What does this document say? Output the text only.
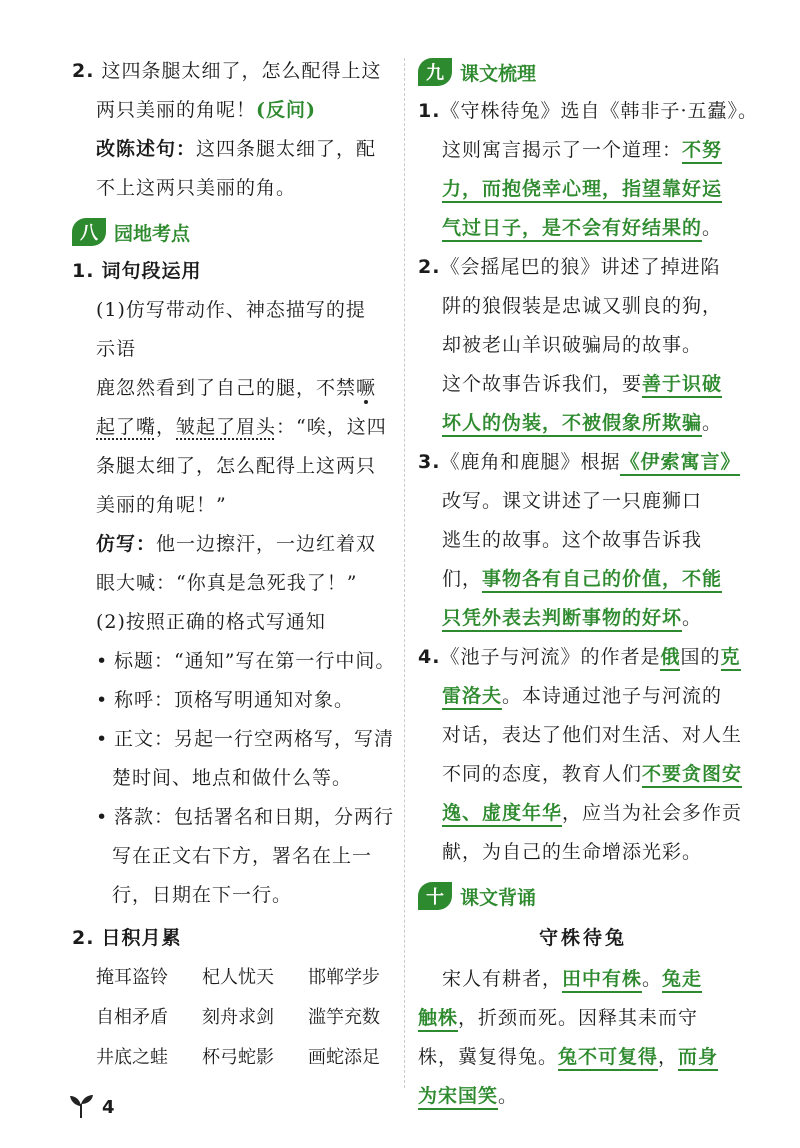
2. 这四条腿太细了，怎么配得上这
两只美丽的角呢！(反问)
改陈述句：这四条腿太细了，配
不上这两只美丽的角。
八 园地考点
1. 词句段运用
(1)仿写带动作、神态描写的提
示语
鹿忽然看到了自己的腿，不禁噘
起了嘴，皱起了眉头：“唉，这四
条腿太细了，怎么配得上这两只
美丽的角呢！”
仿写：他一边擦汗，一边红着双
眼大喊：“你真是急死我了！”
(2)按照正确的格式写通知
• 标题：“通知”写在第一行中间。
• 称呼：顶格写明通知对象。
• 正文：另起一行空两格写，写清
楚时间、地点和做什么等。
• 落款：包括署名和日期，分两行
写在正文右下方，署名在上一
行，日期在下一行。
2. 日积月累
掩耳盗铃	杞人忧天	邯郸学步
自相矛盾	刻舟求剑	滥竽充数
井底之蛙	杯弓蛇影	画蛇添足
九 课文梳理
1.《守株待兔》选自《韩非子·五蠹》。
这则寓言揭示了一个道理：不努
力，而抱侥幸心理，指望靠好运
气过日子，是不会有好结果的。
2.《会摇尾巴的狼》讲述了掉进陷
阱的狼假装是忠诚又驯良的狗，
却被老山羊识破骗局的故事。
这个故事告诉我们，要善于识破
坏人的伪装，不被假象所欺骗。
3.《鹿角和鹿腿》根据《伊索寓言》
改写。课文讲述了一只鹿狮口
逃生的故事。这个故事告诉我
们，事物各有自己的价值，不能
只凭外表去判断事物的好坏。
4.《池子与河流》的作者是俄国的克
雷洛夫。本诗通过池子与河流的
对话，表达了他们对生活、对人生
不同的态度，教育人们不要贪图安
逸、虚度年华，应当为社会多作贡
献，为自己的生命增添光彩。
十 课文背诵
守株待兔
宋人有耕者，田中有株。兔走
触株，折颈而死。因释其耒而守
株，冀复得兔。兔不可复得，而身
为宋国笑。
4
